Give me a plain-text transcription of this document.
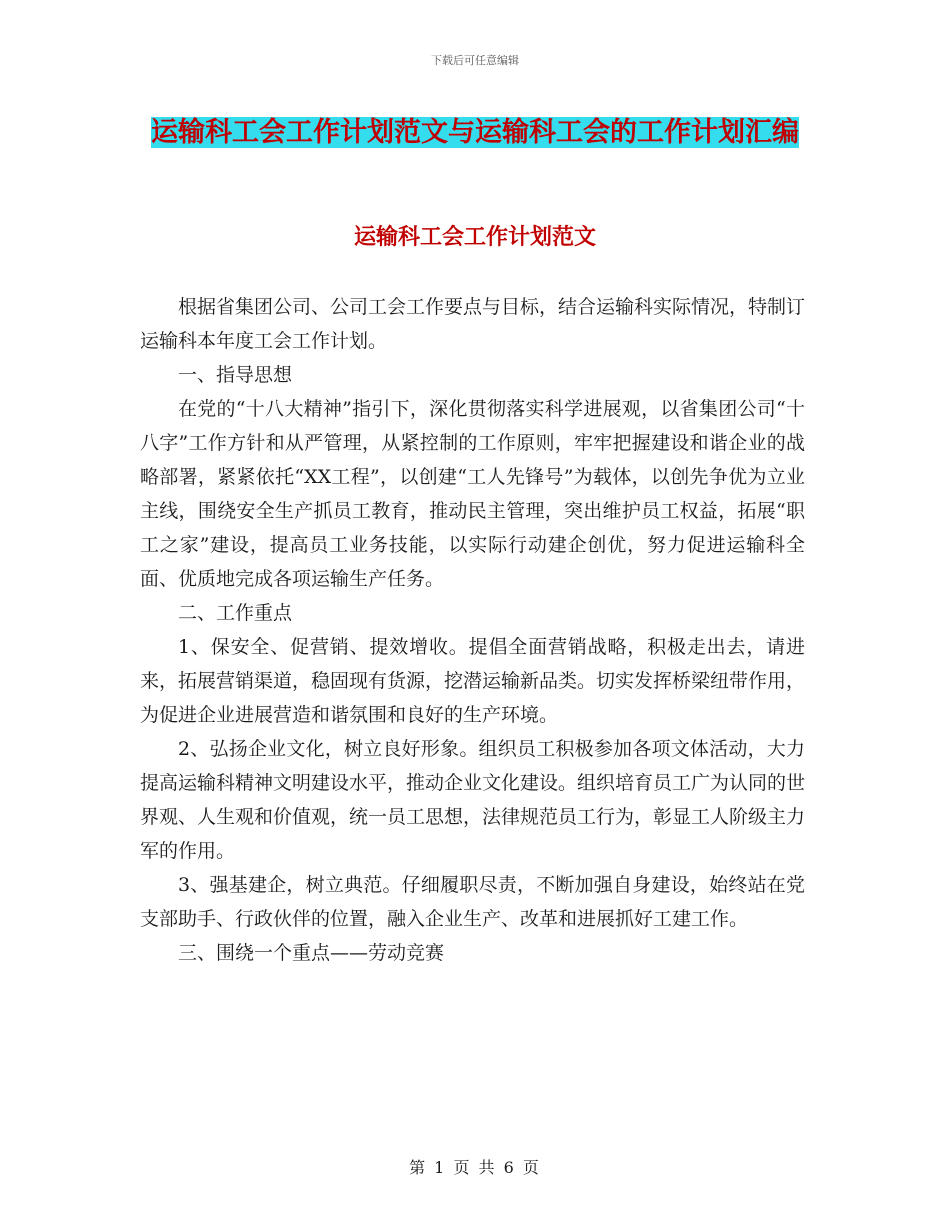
下载后可任意编辑
运输科工会工作计划范文与运输科工会的工作计划汇编
运输科工会工作计划范文

根据省集团公司、公司工会工作要点与目标，结合运输科实际情况，特制订运输科本年度工会工作计划。

一、指导思想

在党的“十八大精神”指引下，深化贯彻落实科学进展观，以省集团公司“十八字”工作方针和从严管理，从紧控制的工作原则，牢牢把握建设和谐企业的战略部署，紧紧依托“XX工程”，以创建“工人先锋号”为载体，以创先争优为立业主线，围绕安全生产抓员工教育，推动民主管理，突出维护员工权益，拓展“职工之家”建设，提高员工业务技能，以实际行动建企创优，努力促进运输科全面、优质地完成各项运输生产任务。

二、工作重点

1、保安全、促营销、提效增收。提倡全面营销战略，积极走出去，请进来，拓展营销渠道，稳固现有货源，挖潜运输新品类。切实发挥桥梁纽带作用，为促进企业进展营造和谐氛围和良好的生产环境。

2、弘扬企业文化，树立良好形象。组织员工积极参加各项文体活动，大力提高运输科精神文明建设水平，推动企业文化建设。组织培育员工广为认同的世界观、人生观和价值观，统一员工思想，法律规范员工行为，彰显工人阶级主力军的作用。

3、强基建企，树立典范。仔细履职尽责，不断加强自身建设，始终站在党支部助手、行政伙伴的位置，融入企业生产、改革和进展抓好工建工作。

三、围绕一个重点——劳动竞赛

第 1 页 共 6 页
